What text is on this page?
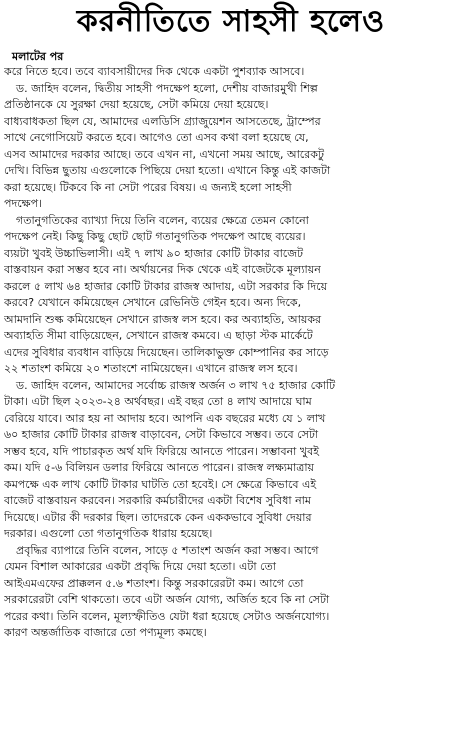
করনীতিতে সাহসী হলেও
মলাটের পর
করে নিতে হবে। তবে ব্যাবসায়ীদের দিক থেকে একটা পুশব্যাক আসবে।
ড. জাহিদ বলেন, দ্বিতীয় সাহসী পদক্ষেপ হলো, দেশীয় বাজারমুখী শিল্প
প্রতিষ্ঠানকে যে সুরক্ষা দেয়া হয়েছে, সেটা কমিয়ে দেয়া হয়েছে।
বাধ্যবাধকতা ছিল যে, আমাদের এলডিসি গ্র্যাজুয়েশন আসতেছে, ট্রাম্পের
সাথে নেগোসিয়েট করতে হবে। আগেও তো এসব কথা বলা হয়েছে যে,
এসব আমাদের দরকার আছে। তবে এখন না, এখনো সময় আছে, আরেকটু
দেখি। বিভিন্ন ছুতায় এগুলোকে পিছিয়ে দেয়া হতো। এখানে কিন্তু এই কাজটা
করা হয়েছে। টিকবে কি না সেটা পরের বিষয়। এ জন্যই হলো সাহসী
পদক্ষেপ।
গতানুগতিকের ব্যাখ্যা দিয়ে তিনি বলেন, ব্যয়ের ক্ষেত্রে তেমন কোনো
পদক্ষেপ নেই। কিছু কিছু ছোট ছোট গতানুগতিক পদক্ষেপ আছে ব্যয়ের।
ব্যয়টা খুবই উচ্চাভিলাসী। এই ৭ লাখ ৯০ হাজার কোটি টাকার বাজেট
বাস্তবায়ন করা সম্ভব হবে না। অর্থায়নের দিক থেকে এই বাজেটকে মূল্যায়ন
করলে ৫ লাখ ৬৪ হাজার কোটি টাকার রাজস্ব আদায়, এটা সরকার কি দিয়ে
করবে? যেখানে কমিয়েছেন সেখানে রেভিনিউ গেইন হবে। অন্য দিকে,
আমদানি শুল্ক কমিয়েছেন সেখানে রাজস্ব লস হবে। কর অব্যাহতি, আয়কর
অব্যাহতি সীমা বাড়িয়েছেন, সেখানে রাজস্ব কমবে। এ ছাড়া স্টক মার্কেটে
এদের সুবিধার ব্যবধান বাড়িয়ে দিয়েছেন। তালিকাভুক্ত কোম্পানির কর সাড়ে
২২ শতাংশ কমিয়ে ২০ শতাংশে নামিয়েছেন। এখানে রাজস্ব লস হবে।
ড. জাহিদ বলেন, আমাদের সর্বোচ্চ রাজস্ব অর্জন ৩ লাখ ৭৫ হাজার কোটি
টাকা। এটা ছিল ২০২৩-২৪ অর্থবছর। এই বছর তো ৪ লাখ আদায়ে ঘাম
বেরিয়ে যাবে। আর হয় না আদায় হবে। আপনি এক বছরের মধ্যে যে ১ লাখ
৬০ হাজার কোটি টাকার রাজস্ব বাড়াবেন, সেটা কিভাবে সম্ভব। তবে সেটা
সম্ভব হবে, যদি পাচারকৃত অর্থ যদি ফিরিয়ে আনতে পারেন। সম্ভাবনা খুবই
কম। যদি ৫-৬ বিলিয়ন ডলার ফিরিয়ে আনতে পারেন। রাজস্ব লক্ষ্যমাত্রায়
কমপক্ষে এক লাখ কোটি টাকার ঘাটতি তো হবেই। সে ক্ষেত্রে কিভাবে এই
বাজেট বাস্তবায়ন করবেন। সরকারি কর্মচারীদের একটা বিশেষ সুবিধা নাম
দিয়েছে। এটার কী দরকার ছিল। তাদেরকে কেন এককভাবে সুবিধা দেয়ার
দরকার। এগুলো তো গতানুগতিক ধারায় হয়েছে।
প্রবৃদ্ধির ব্যাপারে তিনি বলেন, সাড়ে ৫ শতাংশ অর্জন করা সম্ভব। আগে
যেমন বিশাল আকারের একটা প্রবৃদ্ধি দিয়ে দেয়া হতো। এটা তো
আইএমএফের প্রাক্কলন ৫.৬ শতাংশ। কিন্তু সরকারেরটা কম। আগে তো
সরকারেরটা বেশি থাকতো। তবে এটা অর্জন যোগ্য, অর্জিত হবে কি না সেটা
পরের কথা। তিনি বলেন, মূল্যস্ফীতিও যেটা ধরা হয়েছে সেটাও অর্জনযোগ্য।
কারণ অন্তর্জাতিক বাজারে তো পণ্যমূল্য কমছে।
